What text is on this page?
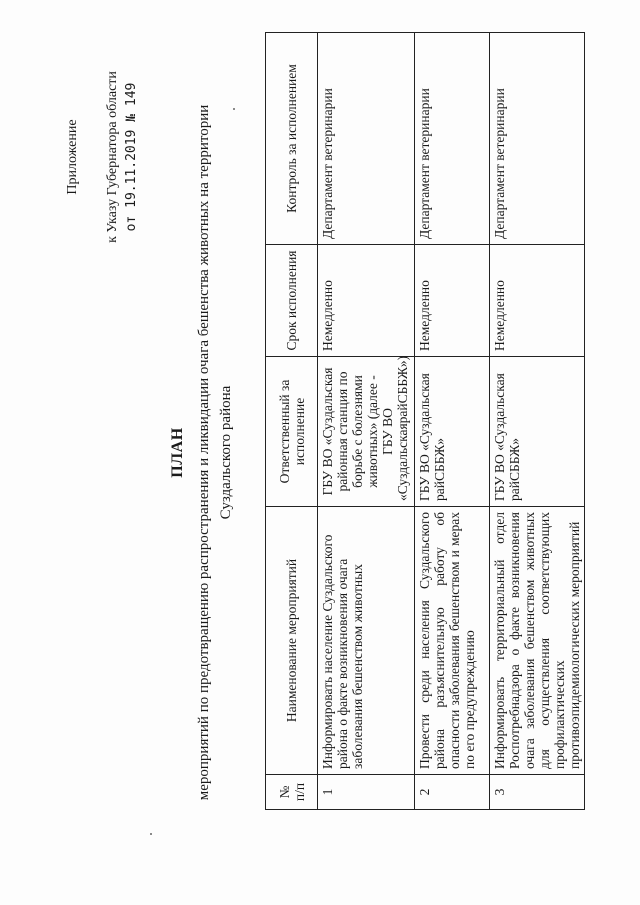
Приложение к Указу Губернатора области от 19.11.2019 № 149
ПЛАН мероприятий по предотвращению распространения и ликвидации очага бешенства животных на территории Суздальского района
№ п/п	Наименование мероприятий	Ответственный за исполнение	Срок исполнения	Контроль за исполнением
1	Информировать население Суздальского района о факте возникновения очага заболевания бешенством животных	ГБУ ВО «Суздальская районная станция по борьбе с болезнями животных» (далее - ГБУ ВО «СуздальскаярайСББЖ»)	Немедленно	Департамент ветеринарии
2	Провести среди населения Суздальского района разъяснительную работу об опасности заболевания бешенством и мерах по его предупреждению	ГБУ ВО «Суздальская райСББЖ»	Немедленно	Департамент ветеринарии
3	Информировать территориальный отдел Роспотребнадзора о факте возникновения очага заболевания бешенством животных для осуществления соответствующих профилактических противоэпидемиологических мероприятий	ГБУ ВО «Суздальская райСББЖ»	Немедленно	Департамент ветеринарии
